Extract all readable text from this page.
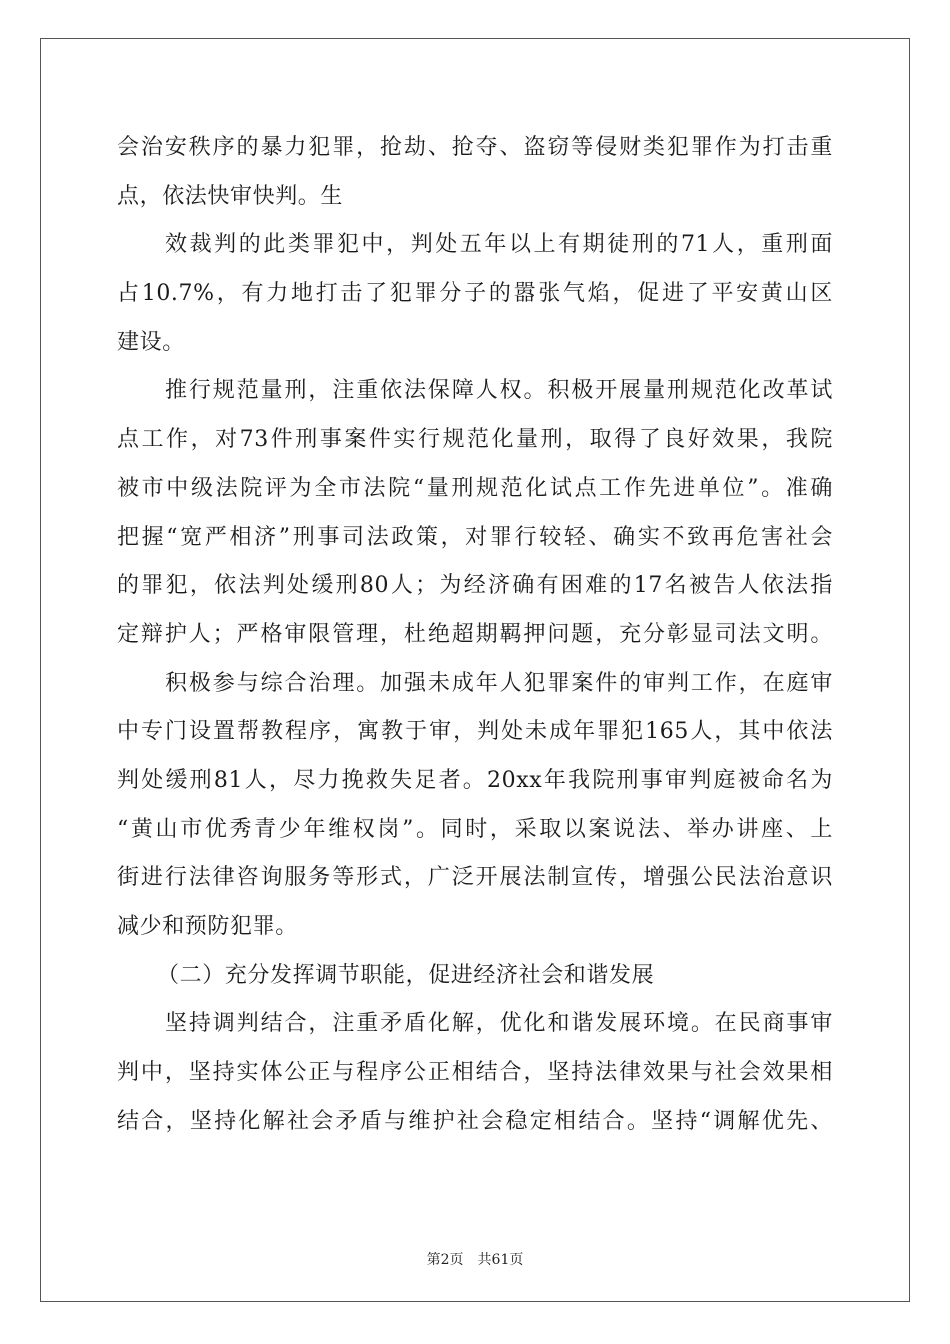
会治安秩序的暴力犯罪，抢劫、抢夺、盗窃等侵财类犯罪作为打击重
点，依法快审快判。生
效裁判的此类罪犯中，判处五年以上有期徒刑的71人，重刑面
占10.7%，有力地打击了犯罪分子的嚣张气焰，促进了平安黄山区
建设。
推行规范量刑，注重依法保障人权。积极开展量刑规范化改革试
点工作，对73件刑事案件实行规范化量刑，取得了良好效果，我院
被市中级法院评为全市法院“量刑规范化试点工作先进单位”。准确
把握“宽严相济”刑事司法政策，对罪行较轻、确实不致再危害社会
的罪犯，依法判处缓刑80人；为经济确有困难的17名被告人依法指
定辩护人；严格审限管理，杜绝超期羁押问题，充分彰显司法文明。
积极参与综合治理。加强未成年人犯罪案件的审判工作，在庭审
中专门设置帮教程序，寓教于审，判处未成年罪犯165人，其中依法
判处缓刑81人，尽力挽救失足者。20xx年我院刑事审判庭被命名为
“黄山市优秀青少年维权岗”。同时，采取以案说法、举办讲座、上
街进行法律咨询服务等形式，广泛开展法制宣传，增强公民法治意识
减少和预防犯罪。
（二）充分发挥调节职能，促进经济社会和谐发展
坚持调判结合，注重矛盾化解，优化和谐发展环境。在民商事审
判中，坚持实体公正与程序公正相结合，坚持法律效果与社会效果相
结合，坚持化解社会矛盾与维护社会稳定相结合。坚持“调解优先、
第2页 共61页
